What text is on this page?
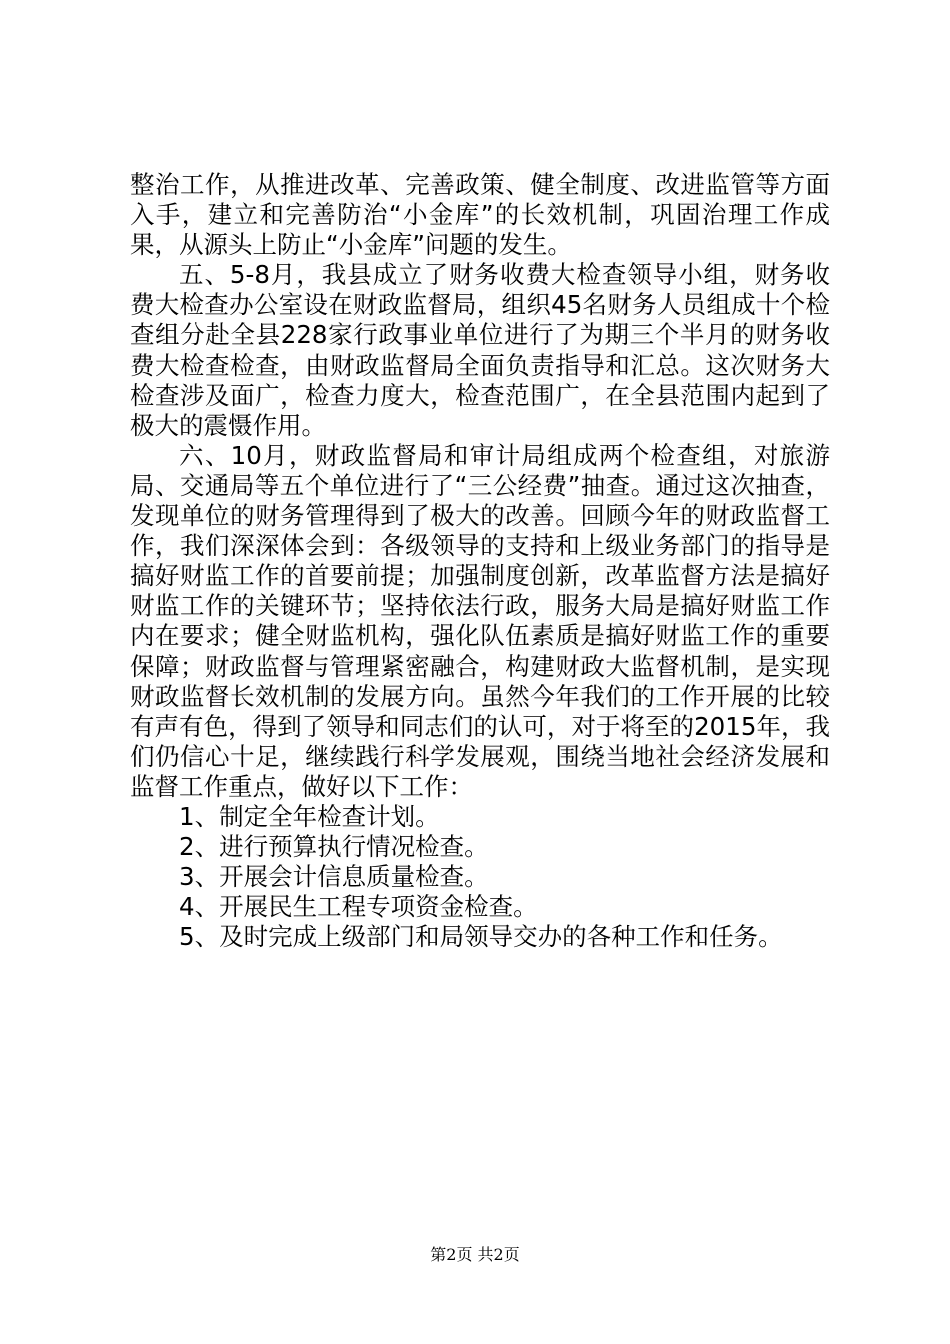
整治工作，从推进改革、完善政策、健全制度、改进监管等方面入手，建立和完善防治“小金库”的长效机制，巩固治理工作成果，从源头上防止“小金库”问题的发生。

五、5-8月，我县成立了财务收费大检查领导小组，财务收费大检查办公室设在财政监督局，组织45名财务人员组成十个检查组分赴全县228家行政事业单位进行了为期三个半月的财务收费大检查检查，由财政监督局全面负责指导和汇总。这次财务大检查涉及面广，检查力度大，检查范围广，在全县范围内起到了极大的震慑作用。

六、10月，财政监督局和审计局组成两个检查组，对旅游局、交通局等五个单位进行了“三公经费”抽查。通过这次抽查，发现单位的财务管理得到了极大的改善。回顾今年的财政监督工作，我们深深体会到：各级领导的支持和上级业务部门的指导是搞好财监工作的首要前提；加强制度创新，改革监督方法是搞好财监工作的关键环节；坚持依法行政，服务大局是搞好财监工作内在要求；健全财监机构，强化队伍素质是搞好财监工作的重要保障；财政监督与管理紧密融合，构建财政大监督机制，是实现财政监督长效机制的发展方向。虽然今年我们的工作开展的比较有声有色，得到了领导和同志们的认可，对于将至的2015年，我们仍信心十足，继续践行科学发展观，围绕当地社会经济发展和监督工作重点，做好以下工作：

1、制定全年检查计划。

2、进行预算执行情况检查。

3、开展会计信息质量检查。

4、开展民生工程专项资金检查。

5、及时完成上级部门和局领导交办的各种工作和任务。

第2页 共2页
